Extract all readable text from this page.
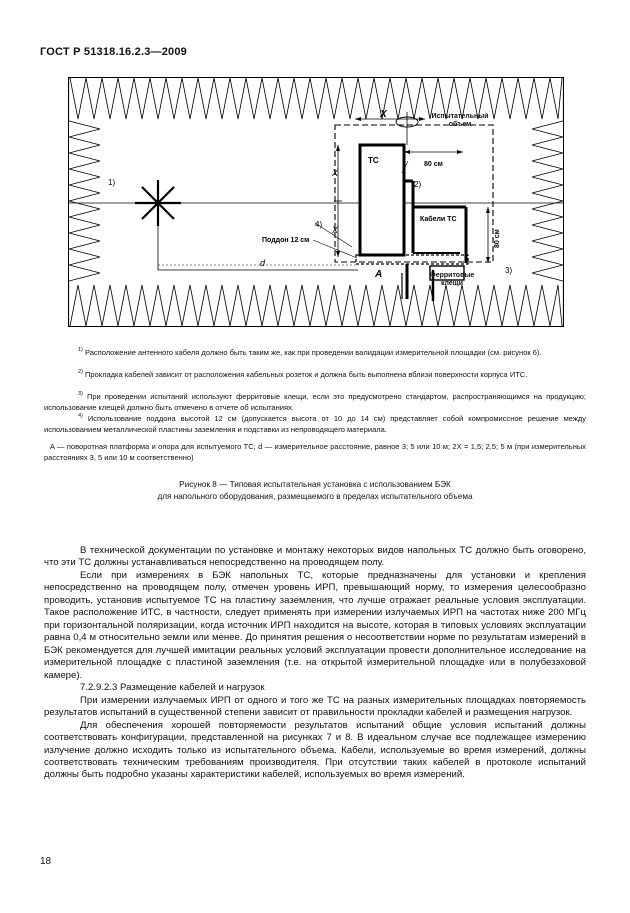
ГОСТ Р 51318.16.2.3—2009
X
X
X
Испытательный объем
ТС	80 см
Кабели ТС
80 см
Поддон 12 см
Ферритовые клещи
d
A
1)	2)
3)
4)

$^{1)}$ Расположение антенного кабеля должно быть таким же, как при проведении валидации измерительной площадки (см. рисунок 6).

$^{2)}$ Прокладка кабелей зависит от расположения кабельных розеток и должна быть выполнена вблизи поверхности корпуса ИТС.

$^{3)}$ При проведении испытаний используют ферритовые клещи, если это предусмотрено стандартом, распространяющимся на продукцию; использование клещей должно быть отмечено в отчете об испытаниях.

$^{4)}$ Использование поддона высотой 12 см (допускается высота от 10 до 14 см) представляет собой компромиссное решение между использованием металлической пластины заземления и подставки из непроводящего материала.

A — поворотная платформа и опора для испытуемого ТС; d — измерительное расстояние, равное 3; 5 или 10 м; 2X = 1,5; 2,5; 5 м (при измерительных расстояниях 3, 5 или 10 м соответственно)
Рисунок 8 — Типовая испытательная установка с использованием БЭК
для напольного оборудования, размещаемого в пределах испытательного объема

В технической документации по установке и монтажу некоторых видов напольных ТС должно быть оговорено, что эти ТС должны устанавливаться непосредственно на проводящем полу.

Если при измерениях в БЭК напольных ТС, которые предназначены для установки и крепления непосредственно на проводящем полу, отмечен уровень ИРП, превышающий норму, то измерения целесообразно проводить, установив испытуемое ТС на пластину заземления, что лучше отражает реальные условия эксплуатации. Такое расположение ИТС, в частности, следует применять при измерении излучаемых ИРП на частотах ниже 200 МГц при горизонтальной поляризации, когда источник ИРП находится на высоте, которая в типовых условиях эксплуатации равна 0,4 м относительно земли или менее. До принятия решения о несоответствии норме по результатам измерений в БЭК рекомендуется для лучшей имитации реальных условий эксплуатации провести дополнительное исследование на измерительной площадке с пластиной заземления (т.е. на открытой измерительной площадке или в полубезэховой камере).

7.2.9.2.3 Размещение кабелей и нагрузок

При измерении излучаемых ИРП от одного и того же ТС на разных измерительных площадках повторяемость результатов испытаний в существенной степени зависит от правильности прокладки кабелей и размещения нагрузок.

Для обеспечения хорошей повторяемости результатов испытаний общие условия испытаний должны соответствовать конфигурации, представленной на рисунках 7 и 8. В идеальном случае все подлежащее измерению излучение должно исходить только из испытательного объема. Кабели, используемые во время измерений, должны соответствовать техническим требованиям производителя. При отсутствии таких кабелей в протоколе испытаний должны быть подробно указаны характеристики кабелей, используемых во время измерений.

18
